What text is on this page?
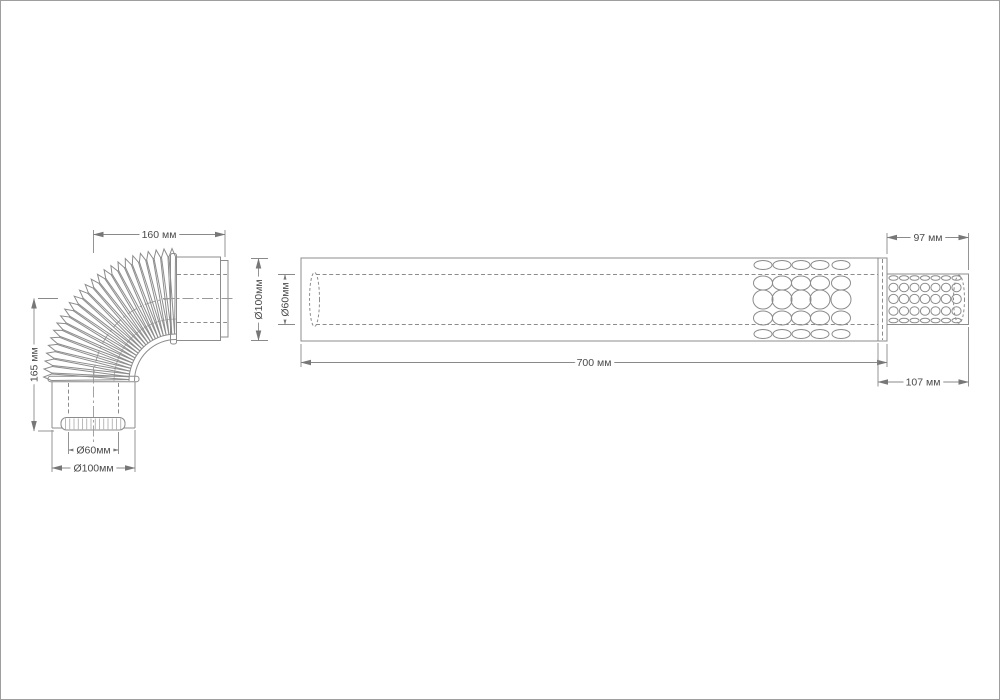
160 мм
165 мм
Ø60мм
Ø100мм
Ø100мм Ø60мм
700 мм
97 мм
107 мм
